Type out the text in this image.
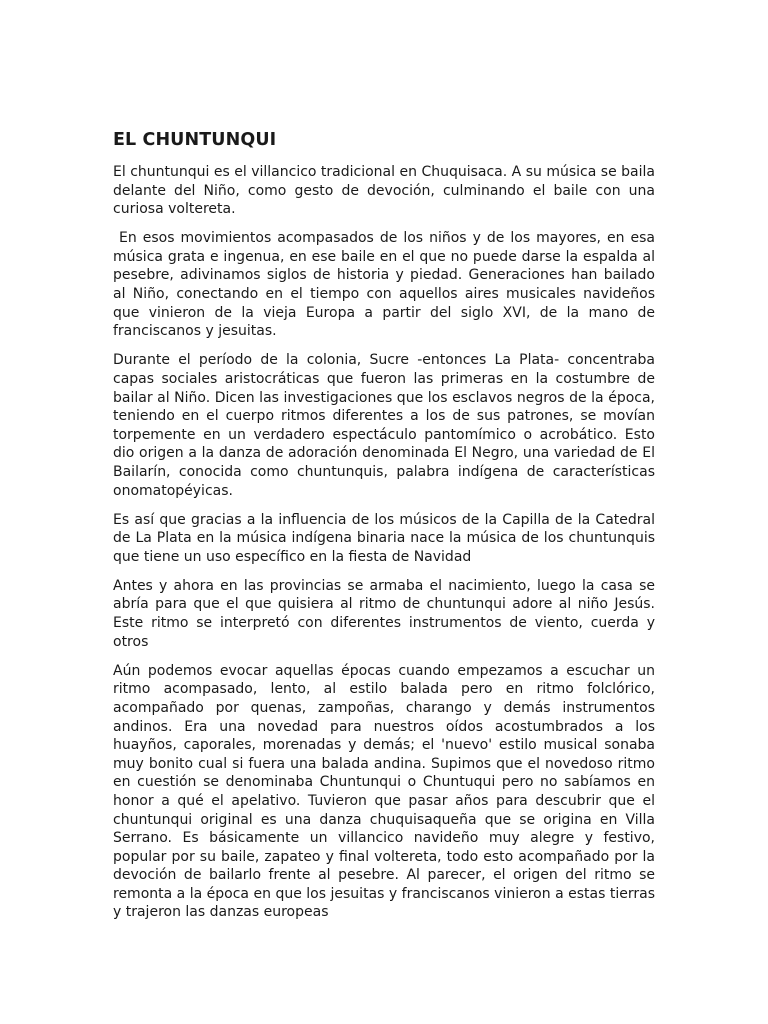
EL CHUNTUNQUI

El chuntunqui es el villancico tradicional en Chuquisaca. A su música se baila delante del Niño, como gesto de devoción, culminando el baile con una curiosa voltereta.

En esos movimientos acompasados de los niños y de los mayores, en esa música grata e ingenua, en ese baile en el que no puede darse la espalda al pesebre, adivinamos siglos de historia y piedad. Generaciones han bailado al Niño, conectando en el tiempo con aquellos aires musicales navideños que vinieron de la vieja Europa a partir del siglo XVI, de la mano de franciscanos y jesuitas.

Durante el período de la colonia, Sucre -entonces La Plata- concentraba capas sociales aristocráticas que fueron las primeras en la costumbre de bailar al Niño. Dicen las investigaciones que los esclavos negros de la época, teniendo en el cuerpo ritmos diferentes a los de sus patrones, se movían torpemente en un verdadero espectáculo pantomímico o acrobático. Esto dio origen a la danza de adoración denominada El Negro, una variedad de El Bailarín, conocida como chuntunquis, palabra indígena de características onomatopéyicas.

Es así que gracias a la influencia de los músicos de la Capilla de la Catedral de La Plata en la música indígena binaria nace la música de los chuntunquis que tiene un uso específico en la fiesta de Navidad

Antes y ahora en las provincias se armaba el nacimiento, luego la casa se abría para que el que quisiera al ritmo de chuntunqui adore al niño Jesús. Este ritmo se interpretó con diferentes instrumentos de viento, cuerda y otros

Aún podemos evocar aquellas épocas cuando empezamos a escuchar un ritmo acompasado, lento, al estilo balada pero en ritmo folclórico, acompañado por quenas, zampoñas, charango y demás instrumentos andinos. Era una novedad para nuestros oídos acostumbrados a los huayños, caporales, morenadas y demás; el 'nuevo' estilo musical sonaba muy bonito cual si fuera una balada andina. Supimos que el novedoso ritmo en cuestión se denominaba Chuntunqui o Chuntuqui pero no sabíamos en honor a qué el apelativo. Tuvieron que pasar años para descubrir que el chuntunqui original es una danza chuquisaqueña que se origina en Villa Serrano. Es básicamente un villancico navideño muy alegre y festivo, popular por su baile, zapateo y final voltereta, todo esto acompañado por la devoción de bailarlo frente al pesebre. Al parecer, el origen del ritmo se remonta a la época en que los jesuitas y franciscanos vinieron a estas tierras y trajeron las danzas europeas
